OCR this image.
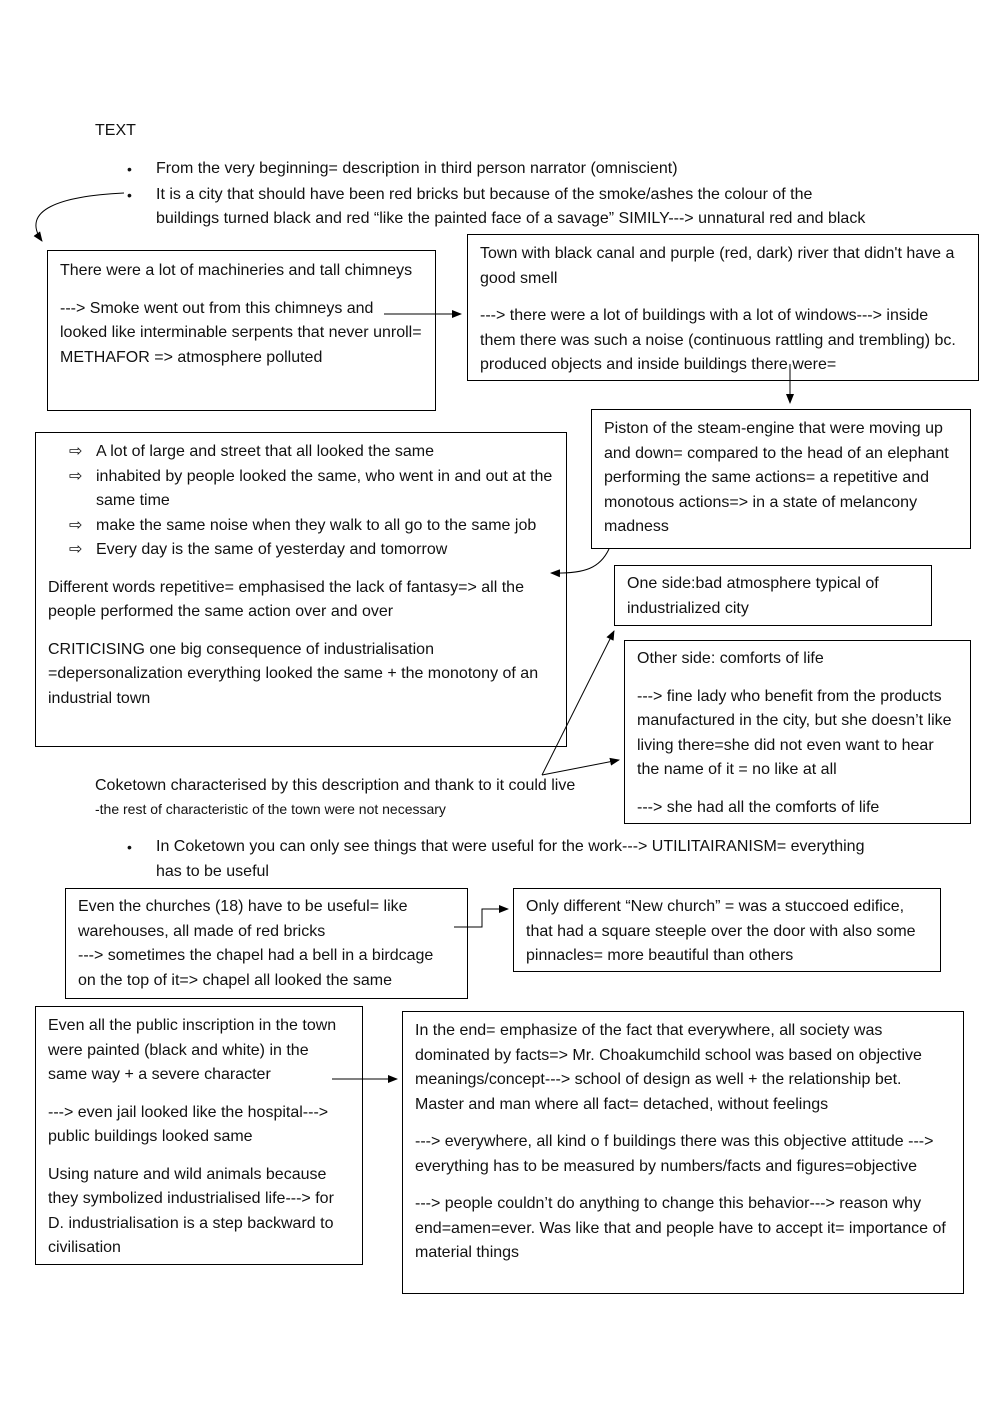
TEXT
• From the very beginning= description in third person narrator (omniscient)
• It is a city that should have been red bricks but because of the smoke/ashes the colour of the
buildings turned black and red “like the painted face of a savage” SIMILY---> unnatural red and black

There were a lot of machineries and tall chimneys

---> Smoke went out from this chimneys and looked like interminable serpents that never unroll= METHAFOR => atmosphere polluted

Town with black canal and purple (red, dark) river that didn't have a good smell

---> there were a lot of buildings with a lot of windows---> inside them there was such a noise (continuous rattling and trembling) bc. produced objects and inside buildings there were=

Piston of the steam-engine that were moving up and down= compared to the head of an elephant performing the same actions= a repetitive and monotous actions=> in a state of melancony madness

⇨ A lot of large and street that all looked the same
⇨ inhabited by people looked the same, who went in and out at the same time
⇨ make the same noise when they walk to all go to the same job
⇨ Every day is the same of yesterday and tomorrow

Different words repetitive= emphasised the lack of fantasy=> all the people performed the same action over and over

CRITICISING one big consequence of industrialisation =depersonalization everything looked the same + the monotony of an industrial town

One side:bad atmosphere typical of industrialized city

Other side: comforts of life

---> fine lady who benefit from the products manufactured in the city, but she doesn’t like living there=she did not even want to hear the name of it = no like at all

---> she had all the comforts of life

Coketown characterised by this description and thank to it could live
-the rest of characteristic of the town were not necessary
• In Coketown you can only see things that were useful for the work---> UTILITAIRANISM= everything
has to be useful

Even the churches (18) have to be useful= like warehouses, all made of red bricks

---> sometimes the chapel had a bell in a birdcage on the top of it=> chapel all looked the same

Only different “New church” = was a stuccoed edifice, that had a square steeple over the door with also some pinnacles= more beautiful than others

Even all the public inscription in the town were painted (black and white) in the same way + a severe character

---> even jail looked like the hospital---> public buildings looked same

Using nature and wild animals because they symbolized industrialised life---> for D. industrialisation is a step backward to civilisation

In the end= emphasize of the fact that everywhere, all society was dominated by facts=> Mr. Choakumchild school was based on objective meanings/concept---> school of design as well + the relationship bet. Master and man where all fact= detached, without feelings

---> everywhere, all kind o f buildings there was this objective attitude ---> everything has to be measured by numbers/facts and figures=objective

---> people couldn’t do anything to change this behavior---> reason why end=amen=ever. Was like that and people have to accept it= importance of material things
